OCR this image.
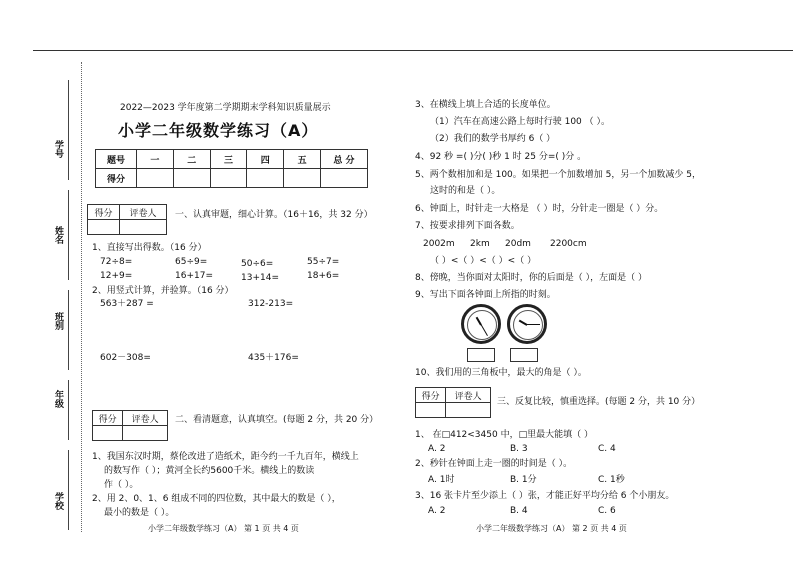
学号
姓名
班别
年级
学校
2022—2023 学年度第二学期期末学科知识质量展示
小学二年级数学练习（A）
题号	一	二	三	四	五	总 分
得分						
得分	评卷人
	一、认真审题，细心计算。（16＋16，共 32 分）
1、直接写出得数。（16 分）
72÷8=	65÷9=	50÷6=	55÷7=
12+9=	16+17=	13+14=	18+6=
2、用竖式计算，并验算。（16 分）
563＋287 =	312-213=
602－308=	435＋176=
得分	评卷人
	二、看清题意，认真填空。(每题 2 分，共 20 分）
1、我国东汉时期，蔡伦改进了造纸术，距今约一千九百年，横线上
的数写作（ ）；黄河全长约5600千米。横线上的数读
作（ ）。
2、用 2、0、1、6 组成不同的四位数，其中最大的数是（ ），
最小的数是（ ）。
小学二年级数学练习（A） 第 1 页 共 4 页
3、在横线上填上合适的长度单位。
（1）汽车在高速公路上每时行驶 100 （ ）。
（2）我们的数学书厚约 6（ ）
4、92 秒 =( )分( )秒 1 时 25 分=( )分 。
5、两个数相加和是 100。如果把一个加数增加 5，另一个加数减少 5，
这时的和是（ ）。
6、钟面上，时针走一大格是 （ ）时，分针走一圈是（ ）分。
7、按要求排列下面各数。
2002m 2km 20dm 2200cm
（ ）<（ ）<（ ）<（ ）
8、傍晚，当你面对太阳时，你的后面是（ ），左面是（ ）
9、写出下面各钟面上所指的时刻。
10、我们用的三角板中，最大的角是（ ）。
得分	评卷人

三、反复比较，慎重选择。(每题 2 分，共 10 分）
1、 在□412<3450 中，□里最大能填（ ）
A. 2	B. 3	C. 4
2、秒针在钟面上走一圈的时间是（ ）。
A. 1时	B. 1分	C. 1秒
3、16 张卡片至少添上（ ）张，才能正好平均分给 6 个小朋友。
A. 2	B. 4	C. 6
小学二年级数学练习（A） 第 2 页 共 4 页
